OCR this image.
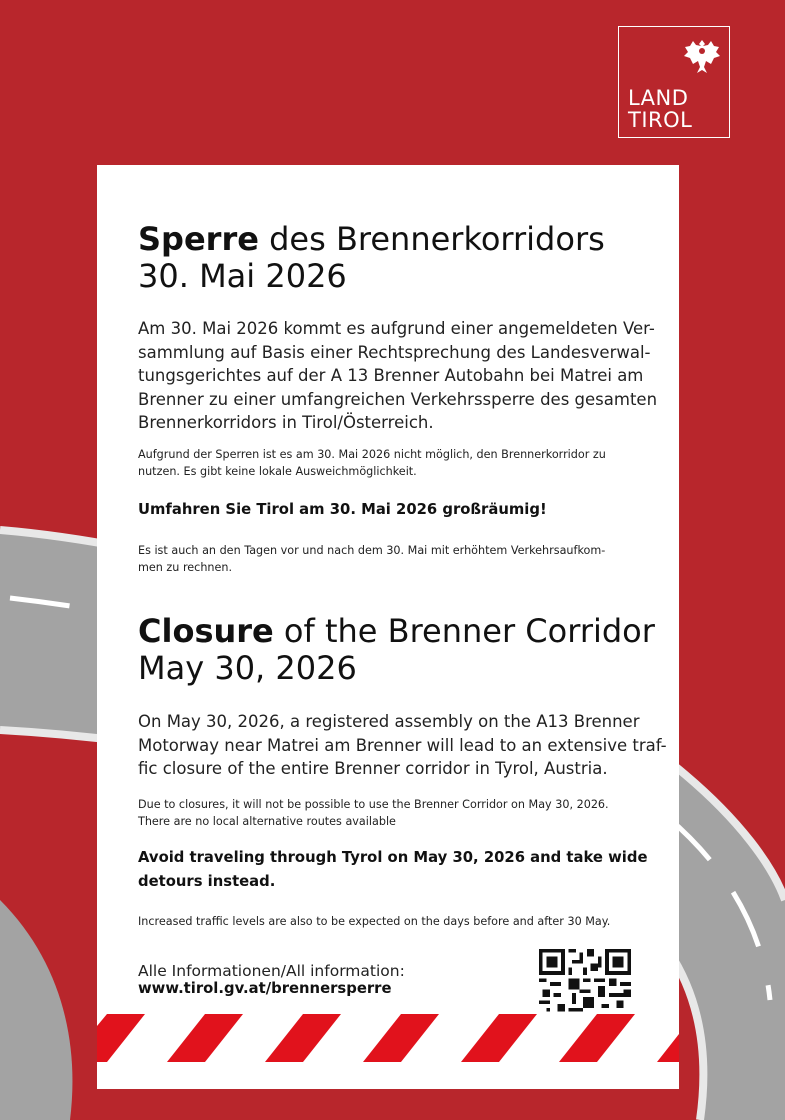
LAND
TIROL
Sperre des Brennerkorridors
30. Mai 2026
Am 30. Mai 2026 kommt es aufgrund einer angemeldeten Ver-
sammlung auf Basis einer Rechtsprechung des Landesverwal-
tungsgerichtes auf der A 13 Brenner Autobahn bei Matrei am
Brenner zu einer umfangreichen Verkehrssperre des gesamten
Brennerkorridors in Tirol/Österreich.
Aufgrund der Sperren ist es am 30. Mai 2026 nicht möglich, den Brennerkorridor zu
nutzen. Es gibt keine lokale Ausweichmöglichkeit.
Umfahren Sie Tirol am 30. Mai 2026 großräumig!
Es ist auch an den Tagen vor und nach dem 30. Mai mit erhöhtem Verkehrsaufkom-
men zu rechnen.
Closure of the Brenner Corridor
May 30, 2026
On May 30, 2026, a registered assembly on the A13 Brenner
Motorway near Matrei am Brenner will lead to an extensive traf-
fic closure of the entire Brenner corridor in Tyrol, Austria.
Due to closures, it will not be possible to use the Brenner Corridor on May 30, 2026.
There are no local alternative routes available
Avoid traveling through Tyrol on May 30, 2026 and take wide
detours instead.
Increased traffic levels are also to be expected on the days before and after 30 May.
Alle Informationen/All information:
www.tirol.gv.at/brennersperre
